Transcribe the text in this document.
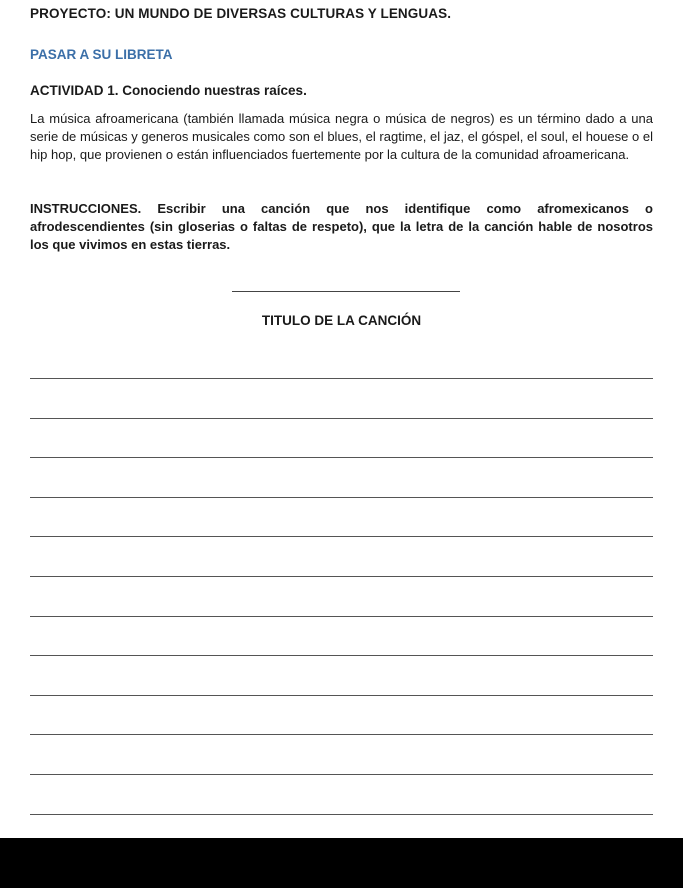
PROYECTO: UN MUNDO DE DIVERSAS CULTURAS Y LENGUAS.
PASAR A SU LIBRETA
ACTIVIDAD 1. Conociendo nuestras raíces.

La música afroamericana (también llamada música negra o música de negros) es un término dado a una serie de músicas y generos musicales como son el blues, el ragtime, el jaz, el góspel, el soul, el houese o el hip hop, que provienen o están influenciados fuertemente por la cultura de la comunidad afroamericana.

INSTRUCCIONES. Escribir una canción que nos identifique como afromexicanos o afrodescendientes (sin gloserias o faltas de respeto), que la letra de la canción hable de nosotros los que vivimos en estas tierras.

TITULO DE LA CANCIÓN
